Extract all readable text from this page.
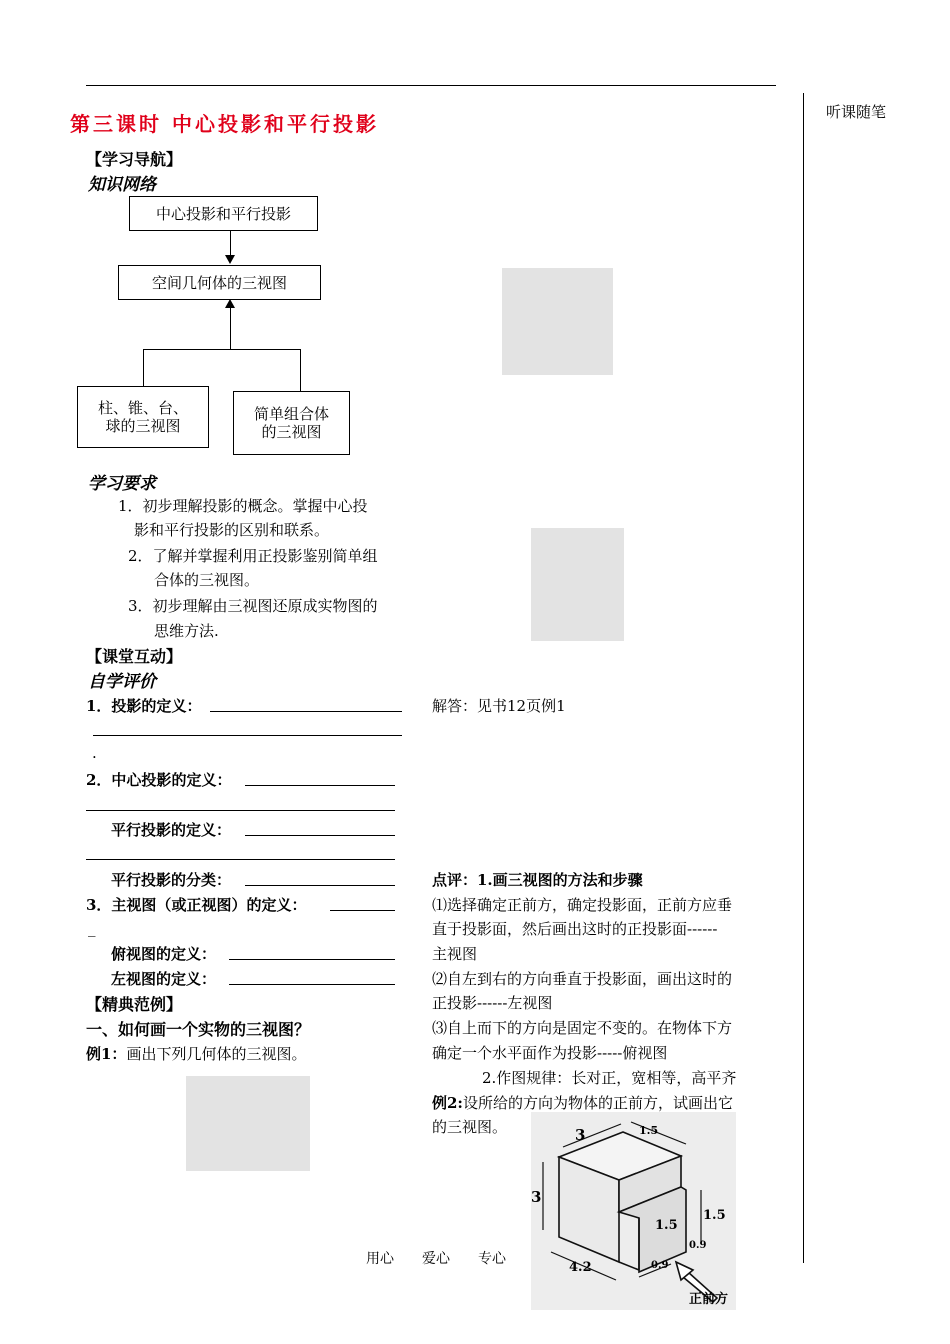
听课随笔
第三课时 中心投影和平行投影
【学习导航】
知识网络
中心投影和平行投影
空间几何体的三视图
柱、锥、台、
球的三视图
简单组合体
的三视图
学习要求
1．初步理解投影的概念。掌握中心投
影和平行投影的区别和联系。
2．了解并掌握利用正投影鉴别简单组
合体的三视图。
3．初步理解由三视图还原成实物图的
思维方法.
【课堂互动】
自学评价
1．投影的定义：
.
2．中心投影的定义：
平行投影的定义：
平行投影的分类：
3．主视图（或正视图）的定义：
_
俯视图的定义：
左视图的定义：
【精典范例】
一、如何画一个实物的三视图？
例1：画出下列几何体的三视图。
解答：见书12页例1
点评：1.画三视图的方法和步骤
⑴选择确定正前方，确定投影面，正前方应垂
直于投影面，然后画出这时的正投影面------
主视图
⑵自左到右的方向垂直于投影面，画出这时的
正投影------左视图
⑶自上而下的方向是固定不变的。在物体下方
确定一个水平面作为投影-----俯视图
2.作图规律：长对正，宽相等，高平齐
例2:设所给的方向为物体的正前方，试画出它
的三视图。	3	1.5
3
4.2
1.5
1.5
0.9
0.9
正前方
用心　　爱心　　专心
